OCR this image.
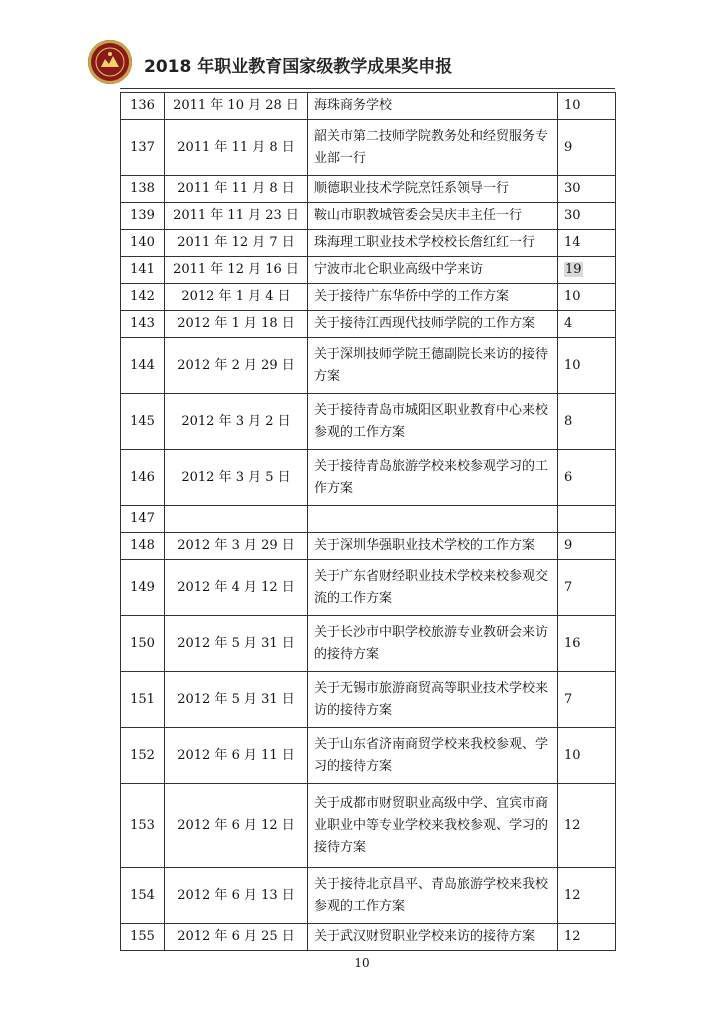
2018 年职业教育国家级教学成果奖申报
136	2011 年 10 月 28 日	海珠商务学校	10
137	2011 年 11 月 8 日	韶关市第二技师学院教务处和经贸服务专业部一行	9
138	2011 年 11 月 8 日	顺德职业技术学院烹饪系领导一行	30
139	2011 年 11 月 23 日	鞍山市职教城管委会吴庆丰主任一行	30
140	2011 年 12 月 7 日	珠海理工职业技术学校校长詹红红一行	14
141	2011 年 12 月 16 日	宁波市北仑职业高级中学来访	19
142	2012 年 1 月 4 日	关于接待广东华侨中学的工作方案	10
143	2012 年 1 月 18 日	关于接待江西现代技师学院的工作方案	4
144	2012 年 2 月 29 日	关于深圳技师学院王德副院长来访的接待方案	10
145	2012 年 3 月 2 日	关于接待青岛市城阳区职业教育中心来校参观的工作方案	8
146	2012 年 3 月 5 日	关于接待青岛旅游学校来校参观学习的工作方案	6
147			
148	2012 年 3 月 29 日	关于深圳华强职业技术学校的工作方案	9
149	2012 年 4 月 12 日	关于广东省财经职业技术学校来校参观交流的工作方案	7
150	2012 年 5 月 31 日	关于长沙市中职学校旅游专业教研会来访的接待方案	16
151	2012 年 5 月 31 日	关于无锡市旅游商贸高等职业技术学校来访的接待方案	7
152	2012 年 6 月 11 日	关于山东省济南商贸学校来我校参观、学习的接待方案	10
153	2012 年 6 月 12 日	关于成都市财贸职业高级中学、宜宾市商业职业中等专业学校来我校参观、学习的接待方案	12
154	2012 年 6 月 13 日	关于接待北京昌平、青岛旅游学校来我校参观的工作方案	12
155	2012 年 6 月 25 日	关于武汉财贸职业学校来访的接待方案	12
10
